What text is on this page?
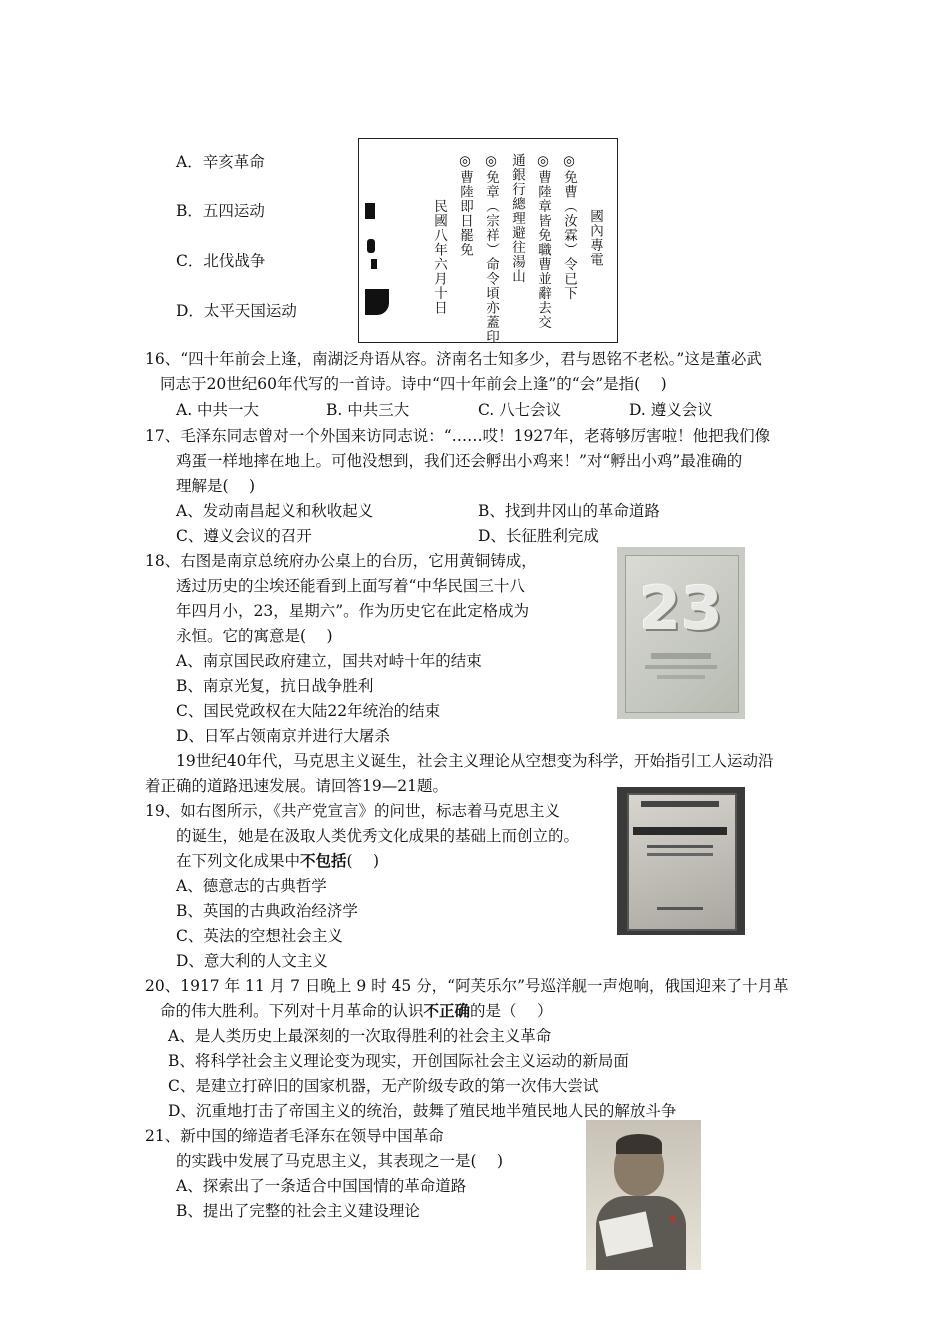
A．辛亥革命
B．五四运动
C．北伐战争
D．太平天国运动
國內專電
◎免曹（汝霖）令已下
◎曹陸章皆免職曹並辭去交
通銀行總理避往湯山
◎免章（宗祥）命令頃亦蓋印
◎曹陸即日罷免
民國八年六月十日
16、“四十年前会上逢，南湖泛舟语从容。济南名士知多少，君与恩铭不老松。”这是董必武
同志于20世纪60年代写的一首诗。诗中“四十年前会上逢”的“会”是指(　 )
A. 中共一大	B. 中共三大	C. 八七会议	D. 遵义会议
17、毛泽东同志曾对一个外国来访同志说：“……哎！1927年，老蒋够厉害啦！他把我们像
鸡蛋一样地摔在地上。可他没想到，我们还会孵出小鸡来！”对“孵出小鸡”最准确的
理解是(　 )
A、发动南昌起义和秋收起义	B、找到井冈山的革命道路
C、遵义会议的召开	D、长征胜利完成
18、右图是南京总统府办公桌上的台历，它用黄铜铸成，
透过历史的尘埃还能看到上面写着“中华民国三十八
年四月小，23，星期六”。作为历史它在此定格成为
永恒。它的寓意是(　 )
A、南京国民政府建立，国共对峙十年的结束
B、南京光复，抗日战争胜利
C、国民党政权在大陆22年统治的结束
D、日军占领南京并进行大屠杀
23
19世纪40年代，马克思主义诞生，社会主义理论从空想变为科学，开始指引工人运动沿
着正确的道路迅速发展。请回答19—21题。
19、如右图所示，《共产党宣言》的问世，标志着马克思主义
的诞生，她是在汲取人类优秀文化成果的基础上而创立的。
在下列文化成果中不包括(　 )
A、德意志的古典哲学
B、英国的古典政治经济学
C、英法的空想社会主义
D、意大利的人文主义
20、1917 年 11 月 7 日晚上 9 时 45 分，“阿芙乐尔”号巡洋舰一声炮响，俄国迎来了十月革
命的伟大胜利。下列对十月革命的认识不正确的是（　 ）
A、是人类历史上最深刻的一次取得胜利的社会主义革命
B、将科学社会主义理论变为现实，开创国际社会主义运动的新局面
C、是建立打碎旧的国家机器，无产阶级专政的第一次伟大尝试
D、沉重地打击了帝国主义的统治，鼓舞了殖民地半殖民地人民的解放斗争
21、新中国的缔造者毛泽东在领导中国革命
的实践中发展了马克思主义，其表现之一是(　 )
A、探索出了一条适合中国国情的革命道路
B、提出了完整的社会主义建设理论
